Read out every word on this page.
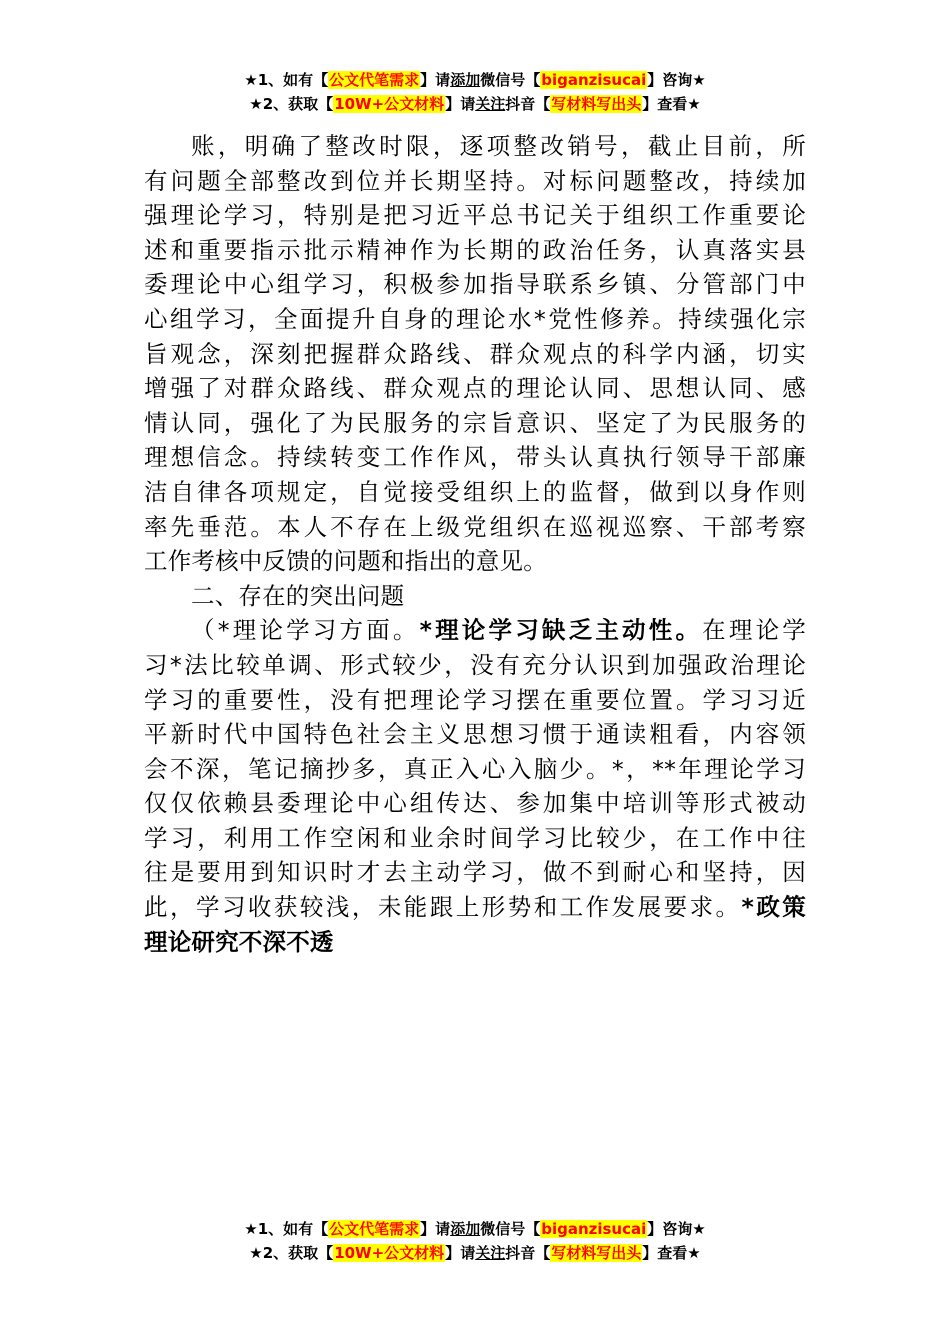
★1、如有【公文代笔需求】请添加微信号【biganzisucai】咨询★
★2、获取【10W+公文材料】请关注抖音【写材料写出头】查看★
账，明确了整改时限，逐项整改销号，截止目前，所
有问题全部整改到位并长期坚持。对标问题整改，持续加
强理论学习，特别是把习近平总书记关于组织工作重要论
述和重要指示批示精神作为长期的政治任务，认真落实县
委理论中心组学习，积极参加指导联系乡镇、分管部门中
心组学习，全面提升自身的理论水*党性修养。持续强化宗
旨观念，深刻把握群众路线、群众观点的科学内涵，切实
增强了对群众路线、群众观点的理论认同、思想认同、感
情认同，强化了为民服务的宗旨意识、坚定了为民服务的
理想信念。持续转变工作作风，带头认真执行领导干部廉
洁自律各项规定，自觉接受组织上的监督，做到以身作则
率先垂范。本人不存在上级党组织在巡视巡察、干部考察
工作考核中反馈的问题和指出的意见。
二、存在的突出问题
（*理论学习方面。*理论学习缺乏主动性。在理论学
习*法比较单调、形式较少，没有充分认识到加强政治理论
学习的重要性，没有把理论学习摆在重要位置。学习习近
平新时代中国特色社会主义思想习惯于通读粗看，内容领
会不深，笔记摘抄多，真正入心入脑少。*，**年理论学习
仅仅依赖县委理论中心组传达、参加集中培训等形式被动
学习，利用工作空闲和业余时间学习比较少，在工作中往
往是要用到知识时才去主动学习，做不到耐心和坚持，因
此，学习收获较浅，未能跟上形势和工作发展要求。*政策
理论研究不深不透
★1、如有【公文代笔需求】请添加微信号【biganzisucai】咨询★
★2、获取【10W+公文材料】请关注抖音【写材料写出头】查看★
